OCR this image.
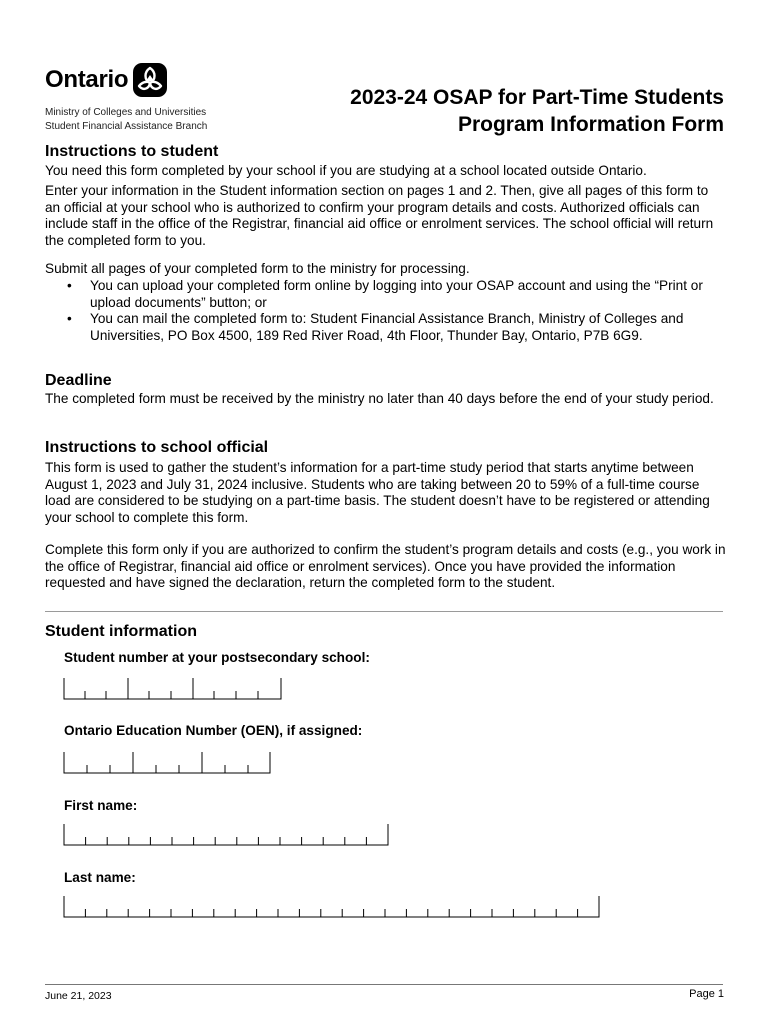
Ontario
Ministry of Colleges and Universities
Student Financial Assistance Branch
2023-24 OSAP for Part-Time Students
Program Information Form
Instructions to student
You need this form completed by your school if you are studying at a school located outside Ontario.
Enter your information in the Student information section on pages 1 and 2. Then, give all pages of this form to an official at your school who is authorized to confirm your program details and costs. Authorized officials can include staff in the office of the Registrar, financial aid office or enrolment services. The school official will return the completed form to you.
Submit all pages of your completed form to the ministry for processing.
• You can upload your completed form online by logging into your OSAP account and using the “Print or upload documents” button; or
• You can mail the completed form to: Student Financial Assistance Branch, Ministry of Colleges and Universities, PO Box 4500, 189 Red River Road, 4th Floor, Thunder Bay, Ontario, P7B 6G9.
Deadline
The completed form must be received by the ministry no later than 40 days before the end of your study period.
Instructions to school official
This form is used to gather the student’s information for a part-time study period that starts anytime between August 1, 2023 and July 31, 2024 inclusive. Students who are taking between 20 to 59% of a full-time course load are considered to be studying on a part-time basis. The student doesn’t have to be registered or attending your school to complete this form.
Complete this form only if you are authorized to confirm the student’s program details and costs (e.g., you work in the office of Registrar, financial aid office or enrolment services). Once you have provided the information requested and have signed the declaration, return the completed form to the student.
Student information
Student number at your postsecondary school:
Ontario Education Number (OEN), if assigned:
First name:
Last name:
June 21, 2023	Page 1
